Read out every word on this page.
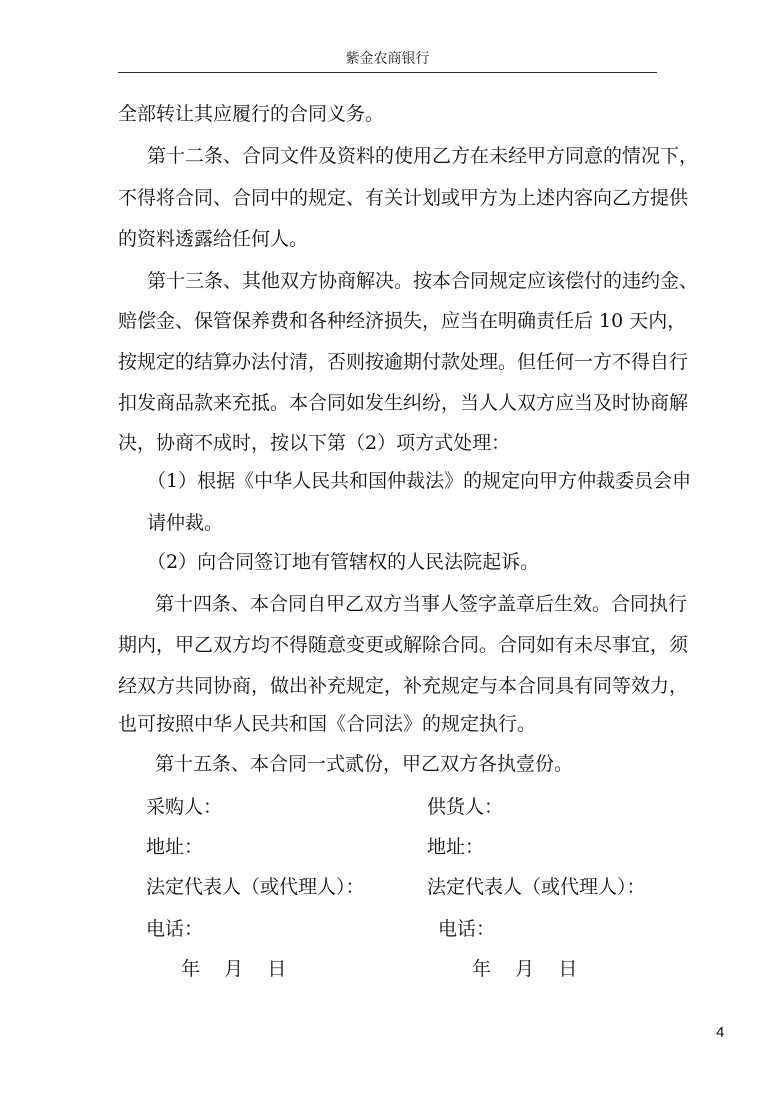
紫金农商银行
全部转让其应履行的合同义务。
第十二条、合同文件及资料的使用乙方在未经甲方同意的情况下，
不得将合同、合同中的规定、有关计划或甲方为上述内容向乙方提供
的资料透露给任何人。
第十三条、其他双方协商解决。按本合同规定应该偿付的违约金、
赔偿金、保管保养费和各种经济损失，应当在明确责任后 10 天内，
按规定的结算办法付清，否则按逾期付款处理。但任何一方不得自行
扣发商品款来充抵。本合同如发生纠纷，当人人双方应当及时协商解
决，协商不成时，按以下第（2）项方式处理：
（1）根据《中华人民共和国仲裁法》的规定向甲方仲裁委员会申
请仲裁。
（2）向合同签订地有管辖权的人民法院起诉。
第十四条、本合同自甲乙双方当事人签字盖章后生效。合同执行
期内，甲乙双方均不得随意变更或解除合同。合同如有未尽事宜，须
经双方共同协商，做出补充规定，补充规定与本合同具有同等效力，
也可按照中华人民共和国《合同法》的规定执行。
第十五条、本合同一式贰份，甲乙双方各执壹份。
采购人：
地址：
法定代表人（或代理人）：
电话：
年    月    日
供货人：
地址：
法定代表人（或代理人）：
电话：
年    月    日
4
